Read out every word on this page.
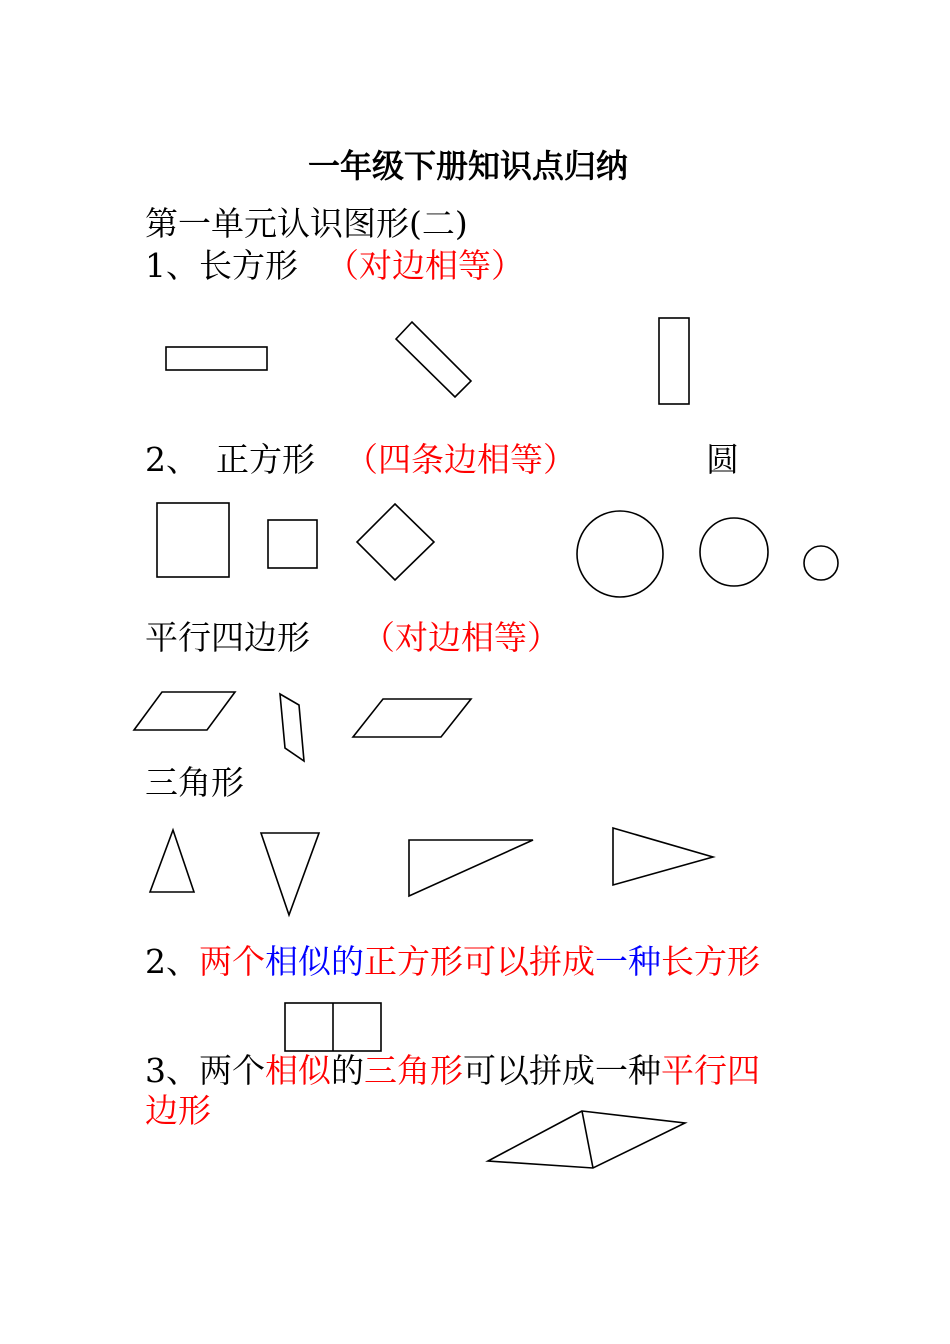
一年级下册知识点归纳
第一单元认识图形(二)
1、长方形 （对边相等）
2、 正方形 （四条边相等）	圆
平行四边形 （对边相等）
三角形
2、两个相似的正方形可以拼成一种长方形
3、两个相似的三角形可以拼成一种平行四
边形
